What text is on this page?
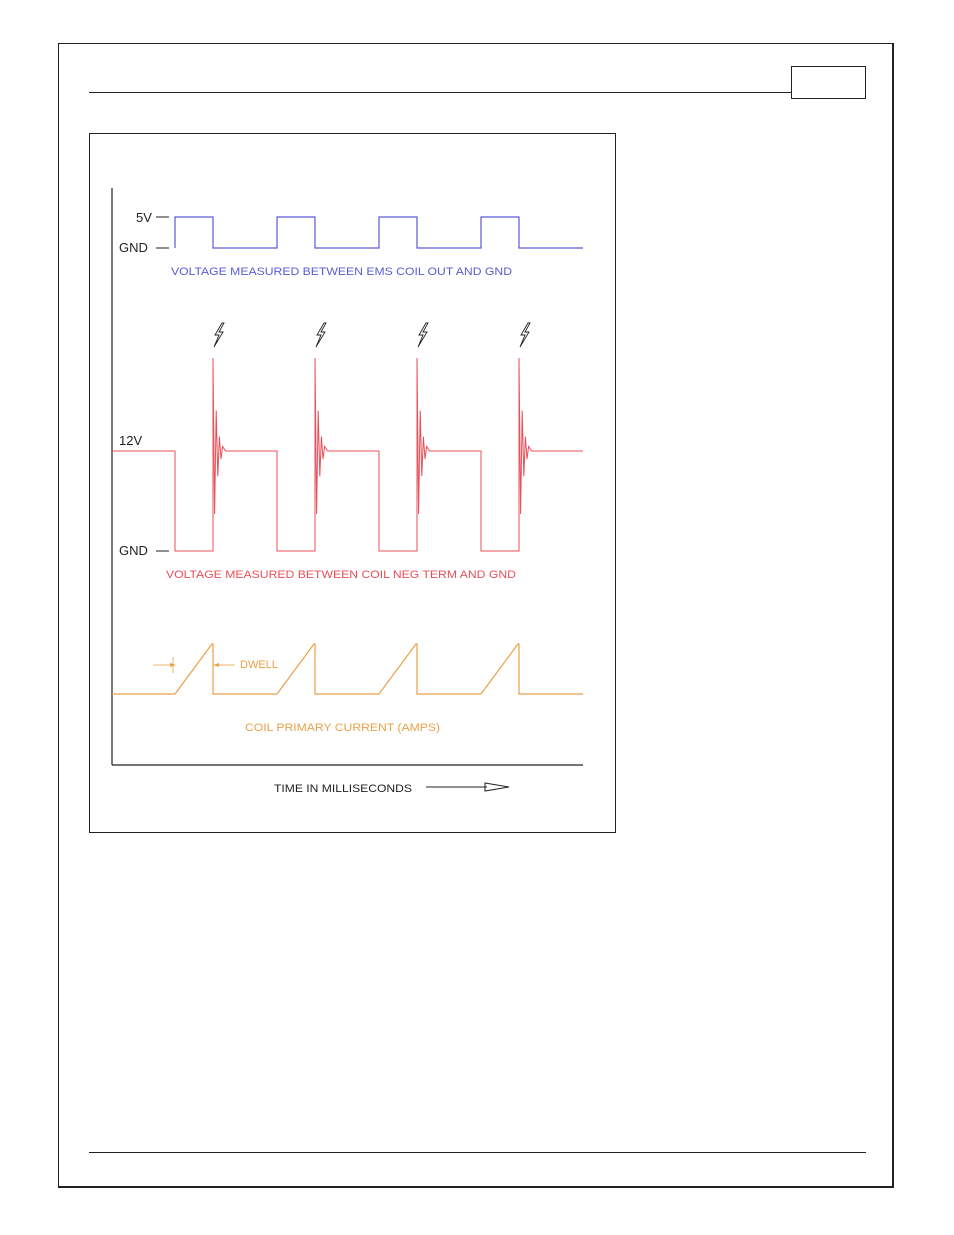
5V
GND
VOLTAGE MEASURED BETWEEN EMS COIL OUT AND GND
12V
GND
VOLTAGE MEASURED BETWEEN COIL NEG TERM AND GND
DWELL
COIL PRIMARY CURRENT (AMPS)
TIME IN MILLISECONDS
